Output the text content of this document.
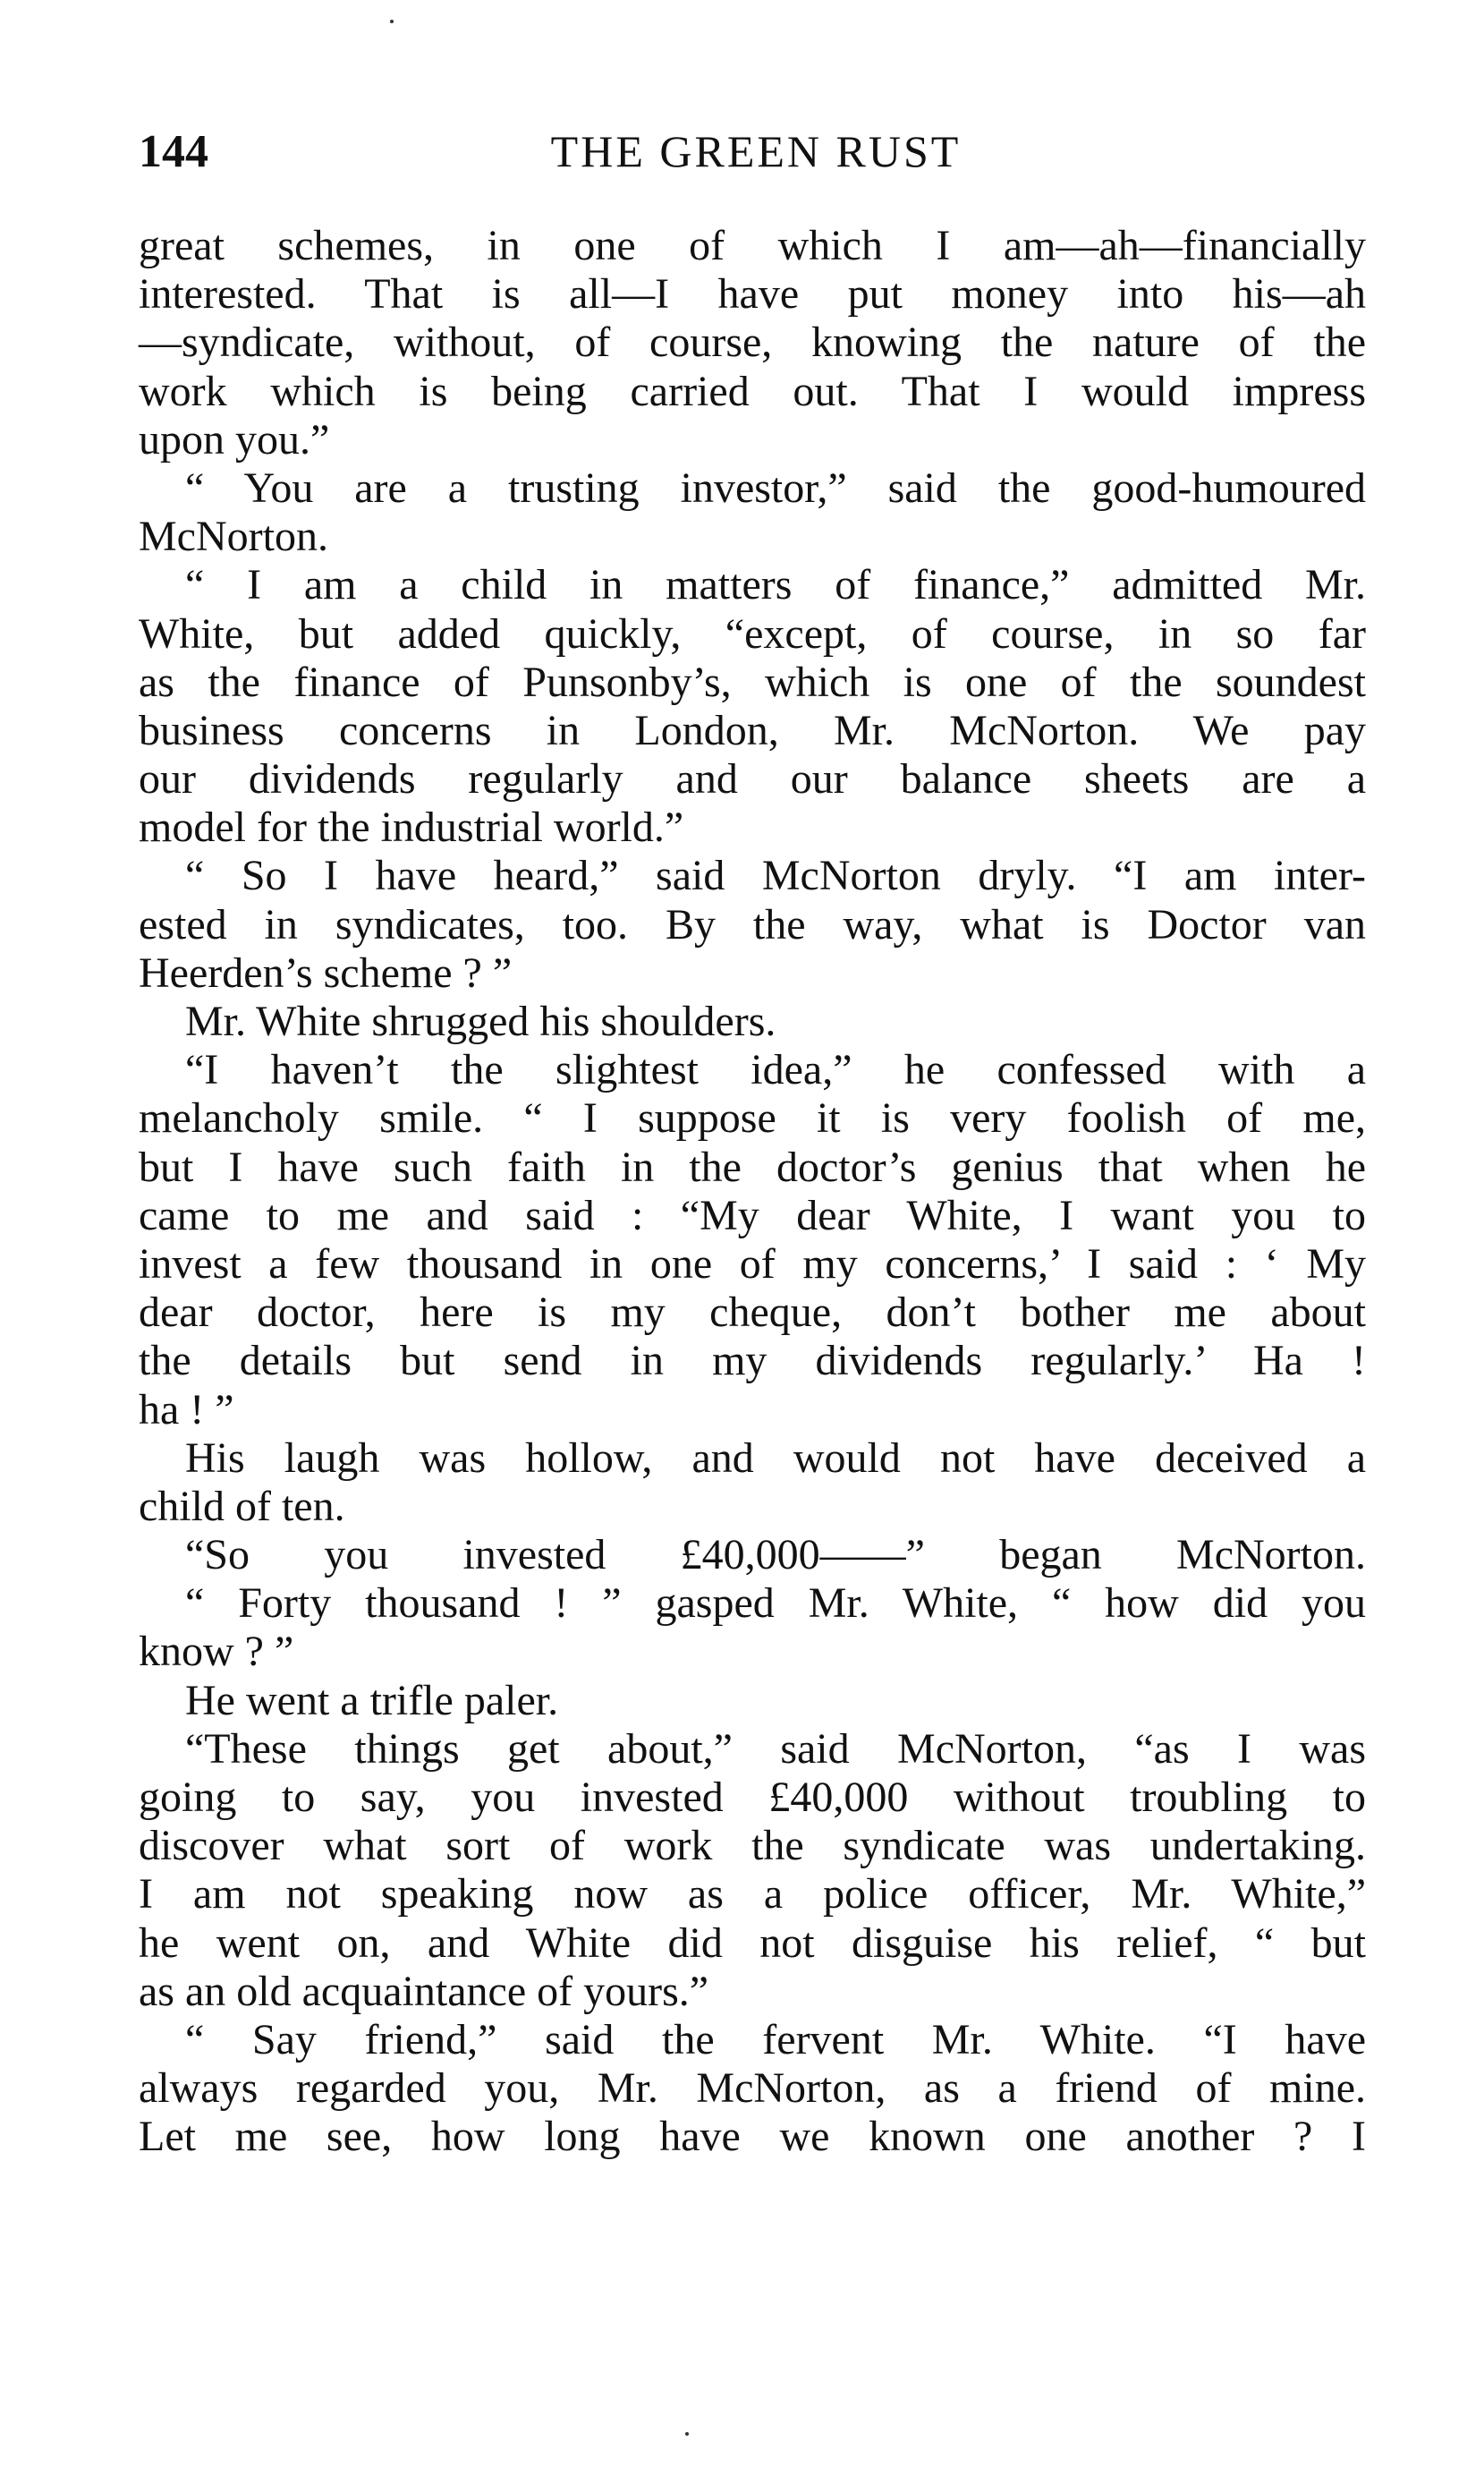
144	THE GREEN RUST
great schemes, in one of which I am—ah—financially
interested. That is all—I have put money into his—ah
—syndicate, without, of course, knowing the nature of the
work which is being carried out. That I would impress
upon you.”
“ You are a trusting investor,” said the good-humoured
McNorton.
“ I am a child in matters of finance,” admitted Mr.
White, but added quickly, “except, of course, in so far
as the finance of Punsonby’s, which is one of the soundest
business concerns in London, Mr. McNorton. We pay
our dividends regularly and our balance sheets are a
model for the industrial world.”
“ So I have heard,” said McNorton dryly. “I am inter-
ested in syndicates, too. By the way, what is Doctor van
Heerden’s scheme ? ”
Mr. White shrugged his shoulders.
“I haven’t the slightest idea,” he confessed with a
melancholy smile. “ I suppose it is very foolish of me,
but I have such faith in the doctor’s genius that when he
came to me and said : “My dear White, I want you to
invest a few thousand in one of my concerns,’ I said : ‘ My
dear doctor, here is my cheque, don’t bother me about
the details but send in my dividends regularly.’ Ha !
ha ! ”
His laugh was hollow, and would not have deceived a
child of ten.
“So you invested £40,000——” began McNorton.
“ Forty thousand ! ” gasped Mr. White, “ how did you
know ? ”
He went a trifle paler.
“These things get about,” said McNorton, “as I was
going to say, you invested £40,000 without troubling to
discover what sort of work the syndicate was undertaking.
I am not speaking now as a police officer, Mr. White,”
he went on, and White did not disguise his relief, “ but
as an old acquaintance of yours.”
“ Say friend,” said the fervent Mr. White. “I have
always regarded you, Mr. McNorton, as a friend of mine.
Let me see, how long have we known one another ? I
